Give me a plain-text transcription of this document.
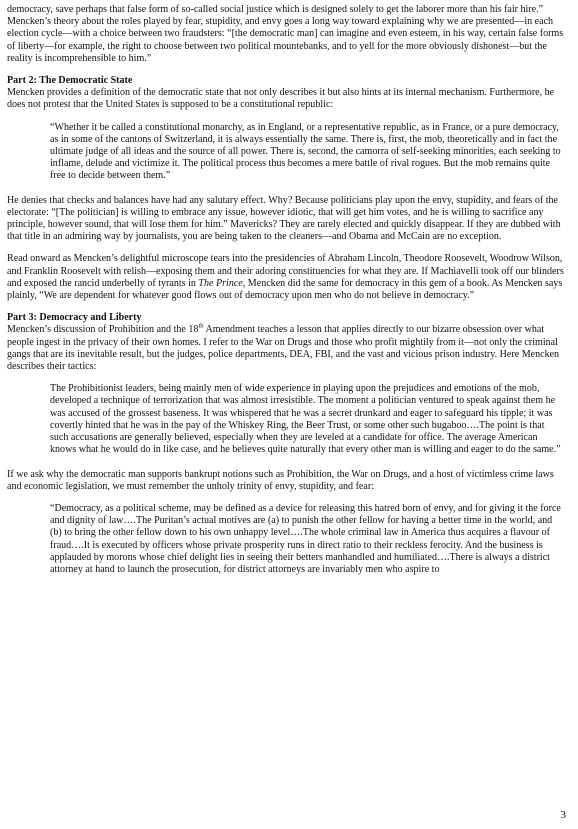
democracy, save perhaps that false form of so-called social justice which is designed solely to get the laborer more than his fair hire.” Mencken’s theory about the roles played by fear, stupidity, and envy goes a long way toward explaining why we are presented—in each election cycle—with a choice between two fraudsters: “[the democratic man] can imagine and even esteem, in his way, certain false forms of liberty—for example, the right to choose between two political mountebanks, and to yell for the more obviously dishonest—but the reality is incomprehensible to him.”

Part 2: The Democratic State

Mencken provides a definition of the democratic state that not only describes it but also hints at its internal mechanism. Furthermore, he does not protest that the United States is supposed to be a constitutional republic:

“Whether it be called a constitutional monarchy, as in England, or a representative republic, as in France, or a pure democracy, as in some of the cantons of Switzerland, it is always essentially the same. There is, first, the mob, theoretically and in fact the ultimate judge of all ideas and the source of all power. There is, second, the camorra of self-seeking minorities, each seeking to inflame, delude and victimize it. The political process thus becomes a mere battle of rival rogues. But the mob remains quite free to decide between them.”

He denies that checks and balances have had any salutary effect. Why? Because politicians play upon the envy, stupidity, and fears of the electorate: “[The politician] is willing to embrace any issue, however idiotic, that will get him votes, and he is willing to sacrifice any principle, however sound, that will lose them for him.” Mavericks? They are rarely elected and quickly disappear. If they are dubbed with that title in an admiring way by journalists, you are being taken to the cleaners—and Obama and McCain are no exception.

Read onward as Mencken’s delightful microscope tears into the presidencies of Abraham Lincoln, Theodore Roosevelt, Woodrow Wilson, and Franklin Roosevelt with relish—exposing them and their adoring constituencies for what they are. If Machiavelli took off our blinders and exposed the rancid underbelly of tyrants in The Prince, Mencken did the same for democracy in this gem of a book. As Mencken says plainly, “We are dependent for whatever good flows out of democracy upon men who do not believe in democracy.”

Part 3: Democracy and Liberty

Mencken’s discussion of Prohibition and the 18th Amendment teaches a lesson that applies directly to our bizarre obsession over what people ingest in the privacy of their own homes. I refer to the War on Drugs and those who profit mightily from it—not only the criminal gangs that are its inevitable result, but the judges, police departments, DEA, FBI, and the vast and vicious prison industry. Here Mencken describes their tactics:

The Prohibitionist leaders, being mainly men of wide experience in playing upon the prejudices and emotions of the mob, developed a technique of terrorization that was almost irresistible. The moment a politician ventured to speak against them he was accused of the grossest baseness. It was whispered that he was a secret drunkard and eager to safeguard his tipple; it was covertly hinted that he was in the pay of the Whiskey Ring, the Beer Trust, or some other such bugaboo….The point is that such accusations are generally believed, especially when they are leveled at a candidate for office. The average American knows what he would do in like case, and he believes quite naturally that every other man is willing and eager to do the same.”

If we ask why the democratic man supports bankrupt notions such as Prohibition, the War on Drugs, and a host of victimless crime laws and economic legislation, we must remember the unholy trinity of envy, stupidity, and fear:

“Democracy, as a political scheme, may be defined as a device for releasing this hatred born of envy, and for giving it the force and dignity of law….The Puritan’s actual motives are (a) to punish the other fellow for having a better time in the world, and (b) to bring the other fellow down to his own unhappy level….The whole criminal law in America thus acquires a flavour of fraud….It is executed by officers whose private prosperity runs in direct ratio to their reckless ferocity. And the business is applauded by morons whose chief delight lies in seeing their betters manhandled and humiliated….There is always a district attorney at hand to launch the prosecution, for district attorneys are invariably men who aspire to

3
